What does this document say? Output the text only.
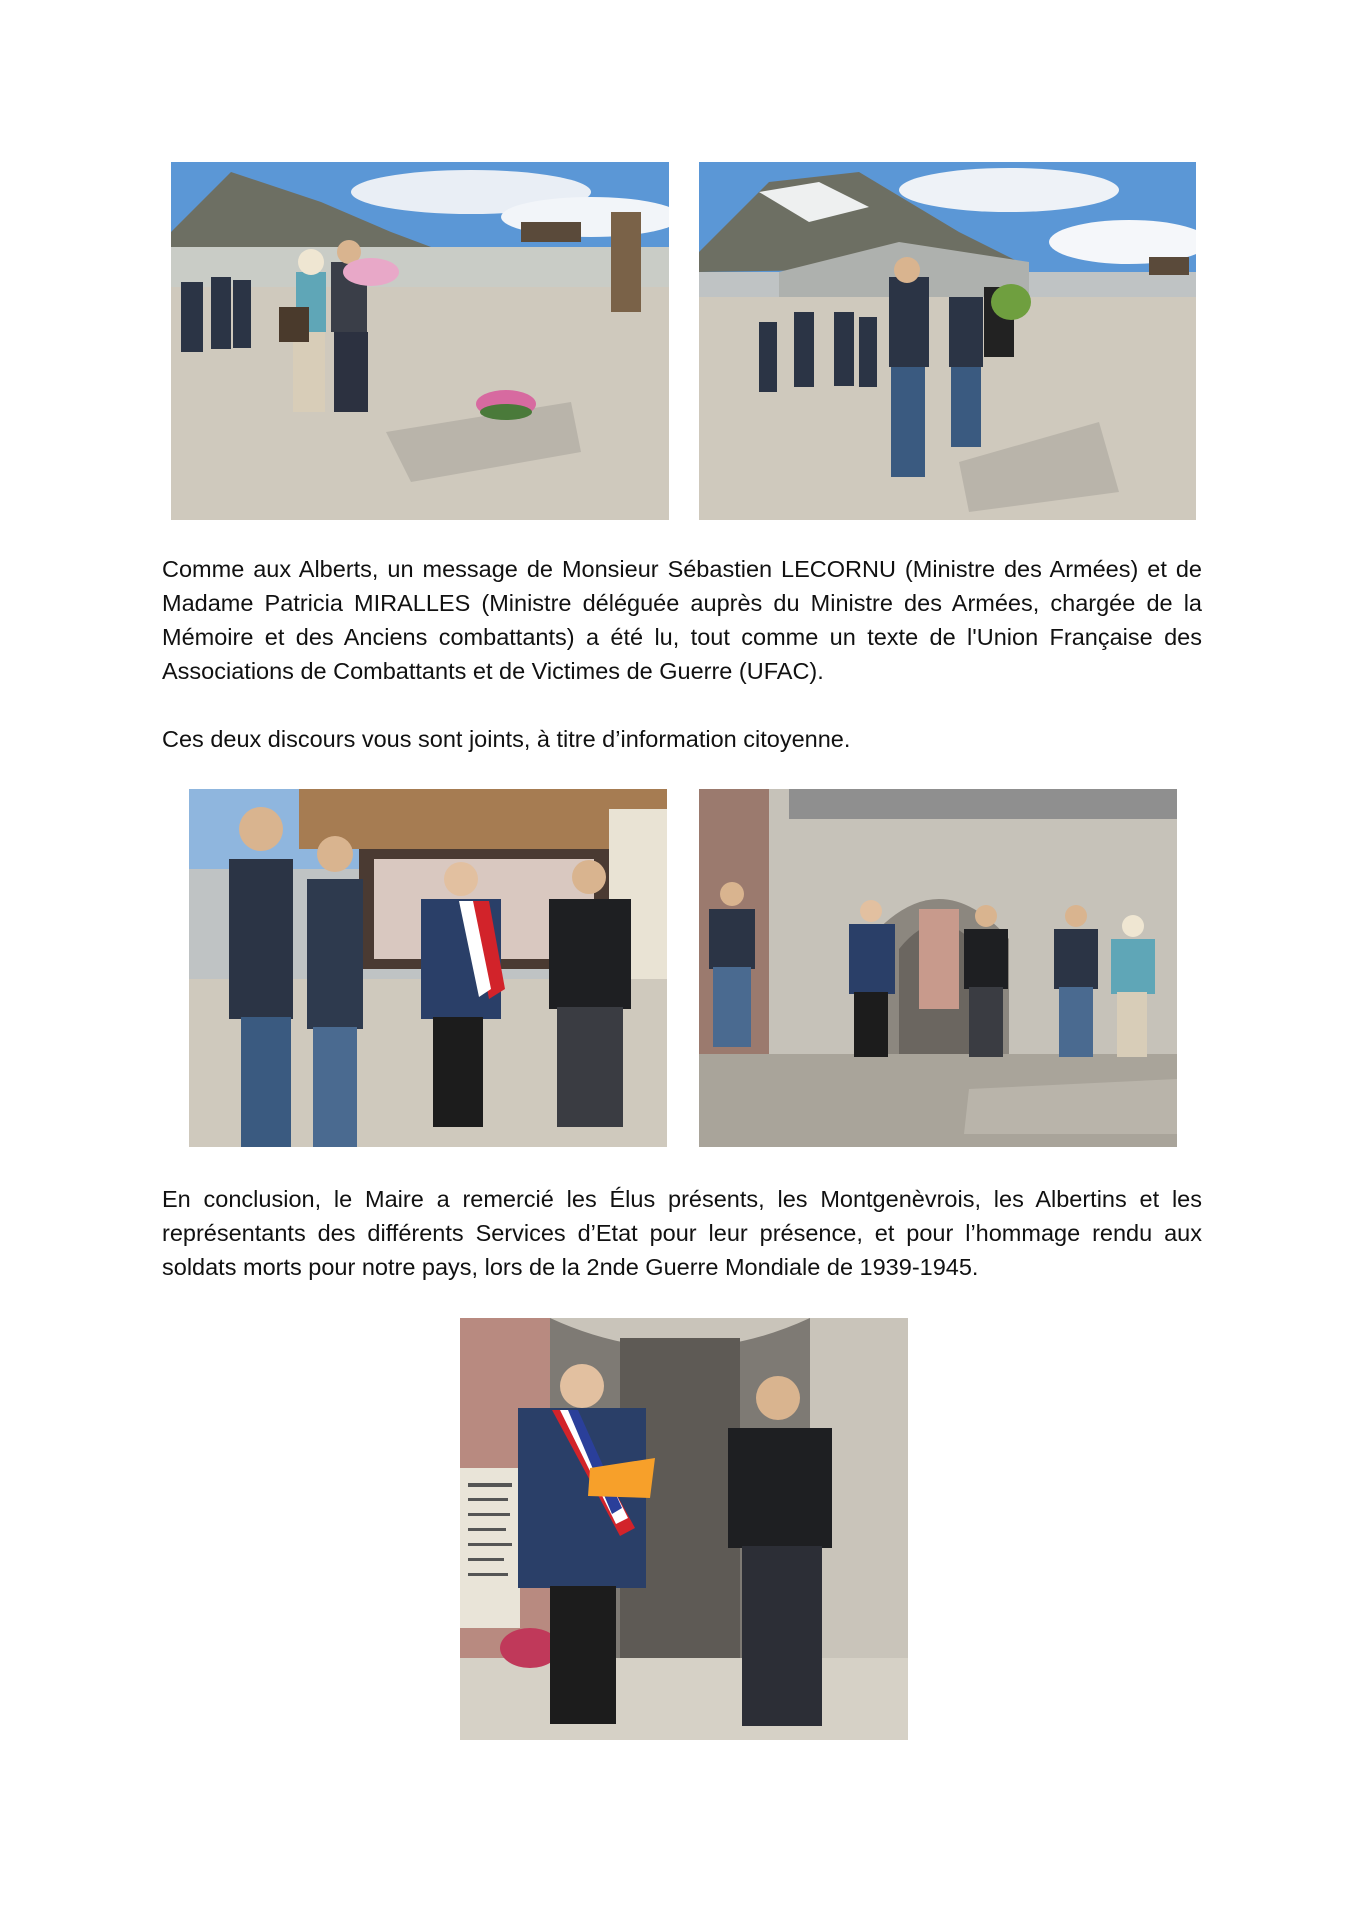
Comme aux Alberts, un message de Monsieur Sébastien LECORNU (Ministre des Armées) et de Madame Patricia MIRALLES (Ministre déléguée auprès du Ministre des Armées, chargée de la Mémoire et des Anciens combattants) a été lu, tout comme un texte de l'Union Française des Associations de Combattants et de Victimes de Guerre (UFAC).

Ces deux discours vous sont joints, à titre d’information citoyenne.

En conclusion, le Maire a remercié les Élus présents, les Montgenèvrois, les Albertins et les représentants des différents Services d’Etat pour leur présence, et pour l’hommage rendu aux soldats morts pour notre pays, lors de la 2nde Guerre Mondiale de 1939-1945.
